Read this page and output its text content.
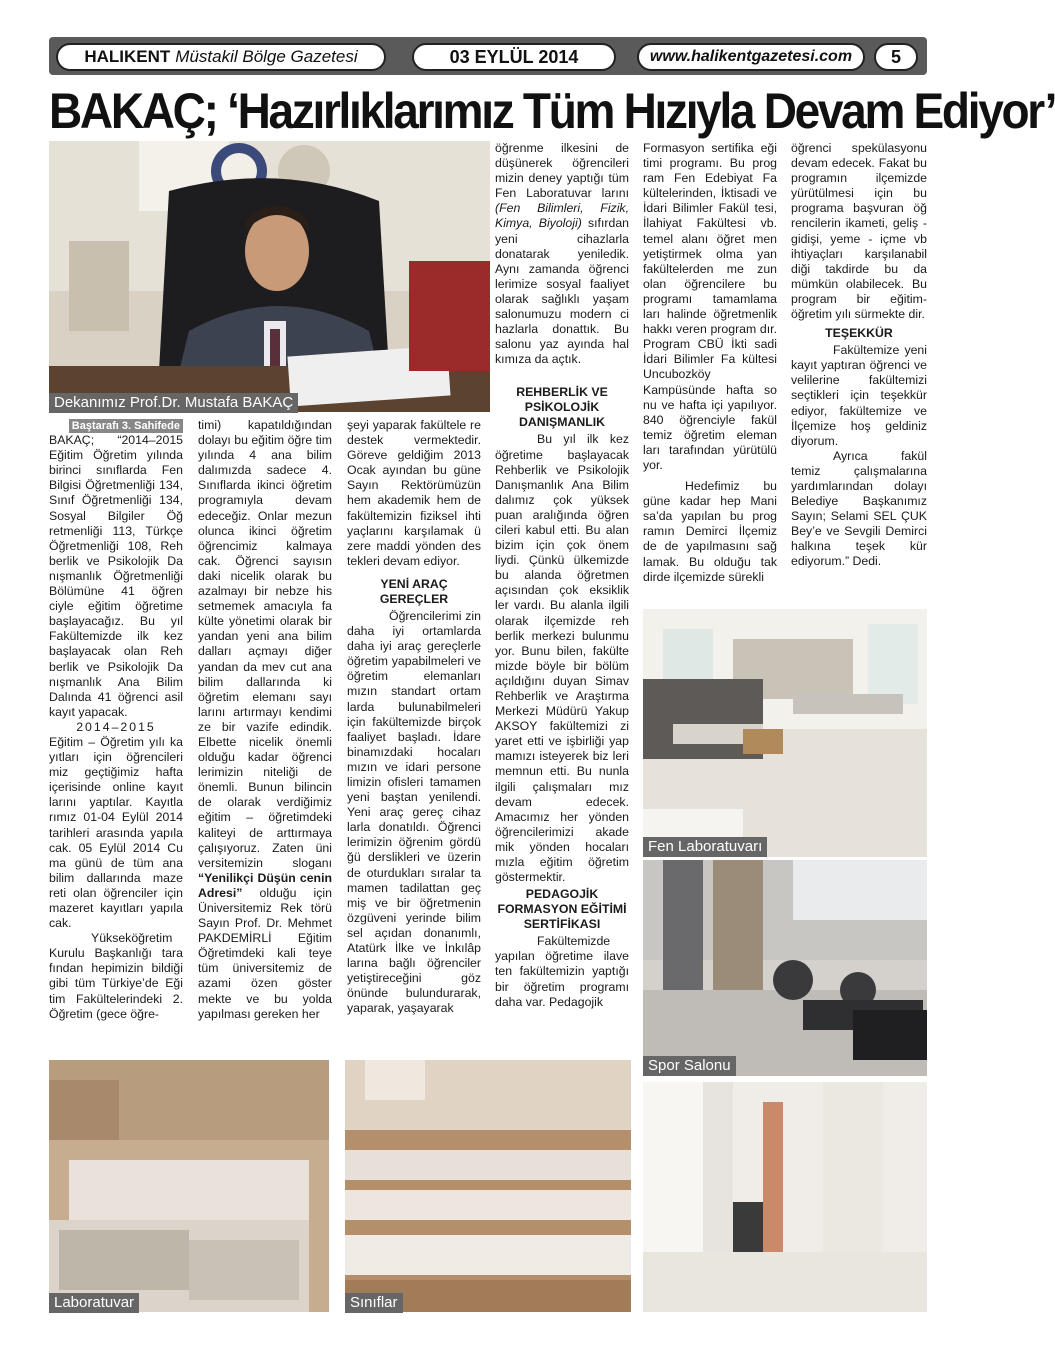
HALIKENT Müstakil Bölge Gazetesi	03 EYLÜL 2014	www.halikentgazetesi.com	5
BAKAÇ; ‘Hazırlıklarımız Tüm Hızıyla Devam Ediyor’
Dekanımız Prof.Dr. Mustafa BAKAÇ

Baştarafı 3. Sahifede

BAKAÇ; “2014–2015 Eğitim Öğretim yılında birinci sınıflarda Fen Bilgisi Öğretmenliği 134, Sınıf Öğretmenliği 134, Sosyal Bilgiler Öğ retmenliği 113, Türkçe Öğretmenliği 108, Reh berlik ve Psikolojik Da nışmanlık Öğretmenliği Bölümüne 41 öğren ciyle eğitim öğretime başlayacağız. Bu yıl Fakültemizde ilk kez başlayacak olan Reh berlik ve Psikolojik Da nışmanlık Ana Bilim Dalında 41 öğrenci asil kayıt yapacak.

2014–2015

Eğitim – Öğretim yılı ka yıtları için öğrencileri miz geçtiğimiz hafta içerisinde online kayıt larını yaptılar. Kayıtla rımız 01-04 Eylül 2014 tarihleri arasında yapıla cak. 05 Eylül 2014 Cu ma günü de tüm ana bilim dallarında maze reti olan öğrenciler için mazeret kayıtları yapıla cak.

Yükseköğretim Kurulu Başkanlığı tara fından hepimizin bildiği gibi tüm Türkiye’de Eği tim Fakültelerindeki 2. Öğretim (gece öğre-

timi) kapatıldığından dolayı bu eğitim öğre tim yılında 4 ana bilim dalımızda sadece 4. Sınıflarda ikinci öğretim programıyla devam edeceğiz. Onlar mezun olunca ikinci öğretim öğrencimiz kalmaya cak. Öğrenci sayısın daki nicelik olarak bu azalmayı bir nebze his setmemek amacıyla fa külte yönetimi olarak bir yandan yeni ana bilim dalları açmayı diğer yandan da mev cut ana bilim dallarında ki öğretim elemanı sayı larını artırmayı kendimi ze bir vazife edindik. Elbette nicelik önemli olduğu kadar öğrenci lerimizin niteliği de önemli. Bunun bilincin de olarak verdiğimiz eğitim – öğretimdeki kaliteyi de arttırmaya çalışıyoruz. Zaten üni versitemizin sloganı “Yenilikçi Düşün cenin Adresi” olduğu için Üniversitemiz Rek törü Sayın Prof. Dr. Mehmet PAKDEMİRLİ Eğitim Öğretimdeki kali teye tüm üniversitemiz de azami özen göster mekte ve bu yolda yapılması gereken her

şeyi yaparak fakültele re destek vermektedir. Göreve geldiğim 2013 Ocak ayından bu güne Sayın Rektörümüzün hem akademik hem de fakültemizin fiziksel ihti yaçlarını karşılamak ü zere maddi yönden des tekleri devam ediyor.

YENİ ARAÇ GEREÇLER

Öğrencilerimi zin daha iyi ortamlarda daha iyi araç gereçlerle öğretim yapabilmeleri ve öğretim elemanları mızın standart ortam larda bulunabilmeleri için fakültemizde birçok faaliyet başladı. İdare binamızdaki hocaları mızın ve idari persone limizin ofisleri tamamen yeni baştan yenilendi. Yeni araç gereç cihaz larla donatıldı. Öğrenci lerimizin öğrenim gördü ğü derslikleri ve üzerin de oturdukları sıralar ta mamen tadilattan geç miş ve bir öğretmenin özgüveni yerinde bilim sel açıdan donanımlı, Atatürk İlke ve İnkılâp larına bağlı öğrenciler yetiştireceğini göz önünde bulundurarak, yaparak, yaşayarak

öğrenme ilkesini de düşünerek öğrencileri mizin deney yaptığı tüm Fen Laboratuvar larını (Fen Bilimleri, Fizik, Kimya, Biyoloji) sıfırdan yeni cihazlarla donatarak yeniledik. Aynı zamanda öğrenci lerimize sosyal faaliyet olarak sağlıklı yaşam salonumuzu modern ci hazlarla donattık. Bu salonu yaz ayında hal kımıza da açtık.

REHBERLİK VE PSİKOLOJİK DANIŞMANLIK

Bu yıl ilk kez öğretime başlayacak Rehberlik ve Psikolojik Danışmanlık Ana Bilim dalımız çok yüksek puan aralığında öğren cileri kabul etti. Bu alan bizim için çok önem liydi. Çünkü ülkemizde bu alanda öğretmen açısından çok eksiklik ler vardı. Bu alanla ilgili olarak ilçemizde reh berlik merkezi bulunmu yor. Bunu bilen, fakülte mizde böyle bir bölüm açıldığını duyan Simav Rehberlik ve Araştırma Merkezi Müdürü Yakup AKSOY fakültemizi zi yaret etti ve işbirliği yap mamızı isteyerek biz leri memnun etti. Bu nunla ilgili çalışmaları mız devam edecek. Amacımız her yönden öğrencilerimizi akade mik yönden hocaları mızla eğitim öğretim göstermektir.

PEDAGOJİK FORMASYON EĞİTİMİ SERTİFİKASI

Fakültemizde yapılan öğretime ilave ten fakültemizin yaptığı bir öğretim programı daha var. Pedagojik

Formasyon sertifika eği timi programı. Bu prog ram Fen Edebiyat Fa kültelerinden, İktisadi ve İdari Bilimler Fakül tesi, İlahiyat Fakültesi vb. temel alanı öğret men yetiştirmek olma yan fakültelerden me zun olan öğrencilere bu programı tamamlama ları halinde öğretmenlik hakkı veren program dır. Program CBÜ İkti sadi İdari Bilimler Fa kültesi Uncubozköy Kampüsünde hafta so nu ve hafta içi yapılıyor. 840 öğrenciyle fakül temiz öğretim eleman ları tarafından yürütülü yor.

Hedefimiz bu güne kadar hep Mani sa’da yapılan bu prog ramın Demirci İlçemiz de de yapılmasını sağ lamak. Bu olduğu tak dirde ilçemizde sürekli

öğrenci spekülasyonu devam edecek. Fakat bu programın ilçemizde yürütülmesi için bu programa başvuran öğ rencilerin ikameti, geliş -gidişi, yeme - içme vb ihtiyaçları karşılanabil diği takdirde bu da mümkün olabilecek. Bu program bir eğitim-öğretim yılı sürmekte dir.

TEŞEKKÜR

Fakültemize yeni kayıt yaptıran öğrenci ve velilerine fakültemizi seçtikleri için teşekkür ediyor, fakültemize ve İlçemize hoş geldiniz diyorum.

Ayrıca fakül temiz çalışmalarına yardımlarından dolayı Belediye Başkanımız Sayın; Selami SEL ÇUK Bey’e ve Sevgili Demirci halkına teşek kür ediyorum.” Dedi.

Fen Laboratuvarı
Spor Salonu
Laboratuvar	Sınıflar
